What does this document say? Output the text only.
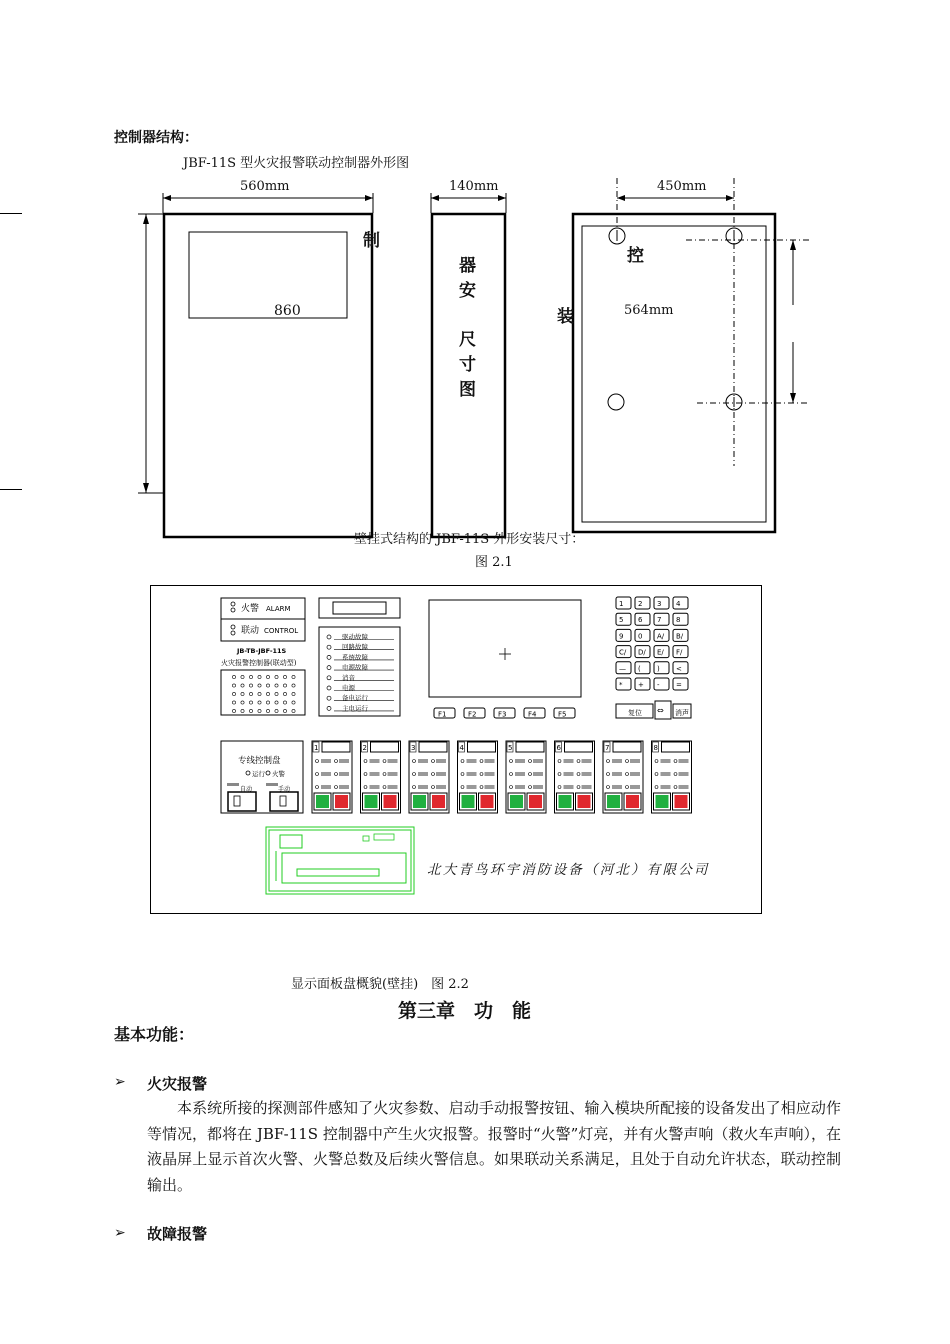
控制器结构：
JBF-11S 型火灾报警联动控制器外形图
560mm	140mm	450mm
860	564mm
制
控
装
器
安
尺
寸
图
壁挂式结构的 JBF-11S 外形安装尺寸：
图 2.1
火警 ALARM
联动 CONTROL
JB-TB-JBF-11S
火灾报警控制器(联动型)
驱动故障
回路故障
系统故障
电源故障
消音
电源
备电运行
主电运行
F1	F2	F3	F4	F5
1 2 3 4
5 6 7 8
9 0 A/ B/
C/ D/ E/ F/
— ( ) <
* + - =
复位 ⇔ 消声
专线控制盘
运行 火警
自动	手动
1	2	3	4	5	6	7	8
北大青鸟环宇消防设备（河北）有限公司
显示面板盘概貌(壁挂)　图 2.2
第三章　功　能
基本功能：
➢ 火灾报警
本系统所接的探测部件感知了火灾参数、启动手动报警按钮、输入模块所配接的设备发出了相应动作等情况，都将在 JBF-11S 控制器中产生火灾报警。报警时“火警”灯亮，并有火警声响（救火车声响），在液晶屏上显示首次火警、火警总数及后续火警信息。如果联动关系满足，且处于自动允许状态，联动控制输出。
➢ 故障报警
